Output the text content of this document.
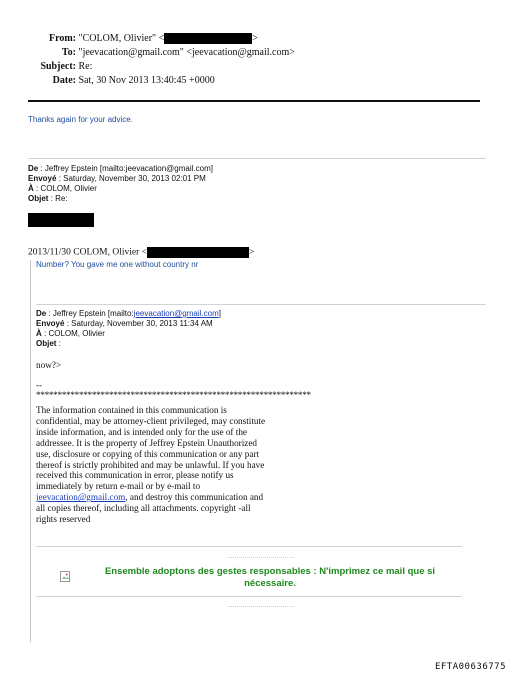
From: "COLOM, Olivier" <	>
To: "jeevacation@gmail.com" <jeevacation@gmail.com>
Subject: Re:
Date: Sat, 30 Nov 2013 13:40:45 +0000
Thanks again for your advice.
De : Jeffrey Epstein [mailto:jeevacation@gmail.com]
Envoyé : Saturday, November 30, 2013 02:01 PM
À : COLOM, Olivier
Objet : Re:
2013/11/30 COLOM, Olivier <	>
Number? You gave me one without country nr
De : Jeffrey Epstein [mailto:jeevacation@gmail.com]
Envoyé : Saturday, November 30, 2013 11:34 AM
À : COLOM, Olivier
Objet :
now?>
--
****************************************************************
The information contained in this communication is confidential, may be attorney-client privileged, may constitute inside information, and is intended only for the use of the addressee. It is the property of Jeffrey Epstein Unauthorized use, disclosure or copying of this communication or any part thereof is strictly prohibited and may be unlawful. If you have received this communication in error, please notify us immediately by return e-mail or by e-mail to jeevacation@gmail.com, and destroy this communication and all copies thereof, including all attachments. copyright -all rights reserved
Ensemble adoptons des gestes responsables : N'imprimez ce mail que si
nécessaire.
EFTA00636775
